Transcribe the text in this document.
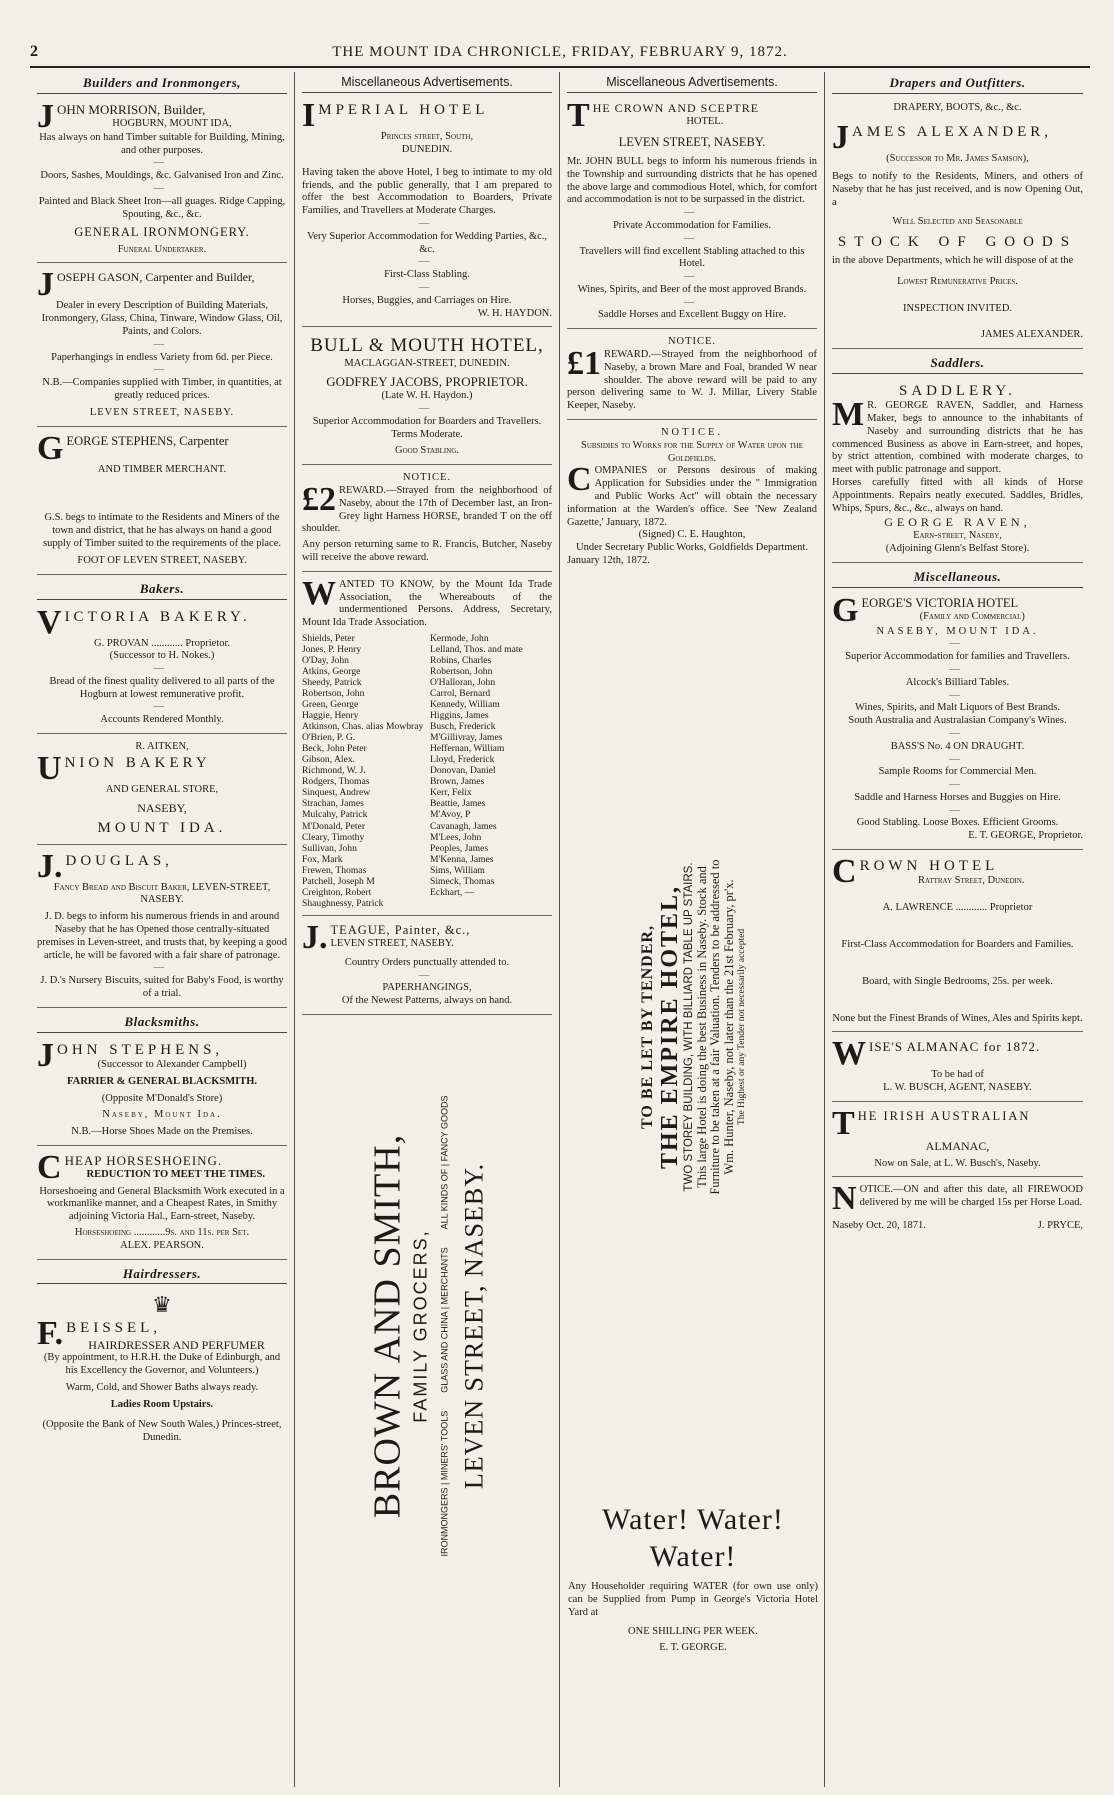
2	THE MOUNT IDA CHRONICLE, FRIDAY, FEBRUARY 9, 1872.
Builders and Ironmongers,
J OHN MORRISON, Builder,
HOGBURN, MOUNT IDA,
Has always on hand Timber suitable for Building, Mining, and other purposes.
—
Doors, Sashes, Mouldings, &c. Galvanised Iron and Zinc.
—
Painted and Black Sheet Iron—all guages. Ridge Capping, Spouting, &c., &c.
GENERAL IRONMONGERY.
Funeral Undertaker.
J OSEPH GASON, Carpenter and Builder,
Dealer in every Description of Building Materials, Ironmongery, Glass, China, Tinware, Window Glass, Oil, Paints, and Colors.
—
Paperhangings in endless Variety from 6d. per Piece.
—
N.B.—Companies supplied with Timber, in quantities, at greatly reduced prices.
LEVEN STREET, NASEBY.
G EORGE STEPHENS, Carpenter
AND TIMBER MERCHANT.
G.S. begs to intimate to the Residents and Miners of the town and district, that he has always on hand a good supply of Timber suited to the requirements of the place.
FOOT OF LEVEN STREET, NASEBY.
Bakers.
V ICTORIA BAKERY.
G. PROVAN ............ Proprietor.
(Successor to H. Nokes.)
—
Bread of the finest quality delivered to all parts of the Hogburn at lowest remunerative profit.
—
Accounts Rendered Monthly.
R. AITKEN,
U NION BAKERY
AND GENERAL STORE,
NASEBY,
MOUNT IDA.
J. DOUGLAS,
Fancy Bread and Biscuit Baker, LEVEN-STREET, NASEBY.
J. D. begs to inform his numerous friends in and around Naseby that he has Opened those centrally-situated premises in Leven-street, and trusts that, by keeping a good article, he will be favored with a fair share of patronage.
—
J. D.'s Nursery Biscuits, suited for Baby's Food, is worthy of a trial.
Blacksmiths.
J OHN STEPHENS,
(Successor to Alexander Campbell)
FARRIER & GENERAL BLACKSMITH.
(Opposite M'Donald's Store)
Naseby, Mount Ida.
N.B.—Horse Shoes Made on the Premises.
C HEAP HORSESHOEING.
REDUCTION TO MEET THE TIMES.
Horseshoeing and General Blacksmith Work executed in a workmanlike manner, and a Cheapest Rates, in Smithy adjoining Victoria Hal., Earn-street, Naseby.
Horseshoeing ............9s. and 11s. per Set.
ALEX. PEARSON.
Hairdressers.
♛
F. BEISSEL,
HAIRDRESSER AND PERFUMER
(By appointment, to H.R.H. the Duke of Edinburgh, and his Excellency the Governor, and Volunteers.)
Warm, Cold, and Shower Baths always ready.
Ladies Room Upstairs.
(Opposite the Bank of New South Wales,) Princes-street, Dunedin.
Miscellaneous Advertisements.
I MPERIAL HOTEL
Princes street, South,
DUNEDIN.
Having taken the above Hotel, I beg to intimate to my old friends, and the public generally, that I am prepared to offer the best Accommodation to Boarders, Private Families, and Travellers at Moderate Charges.
—
Very Superior Accommodation for Wedding Parties, &c., &c.
—
First-Class Stabling.
—
Horses, Buggies, and Carriages on Hire.
W. H. HAYDON.
BULL & MOUTH HOTEL,
MACLAGGAN-STREET, DUNEDIN.
GODFREY JACOBS, PROPRIETOR.
(Late W. H. Haydon.)
—
Superior Accommodation for Boarders and Travellers. Terms Moderate.
Good Stabling.
NOTICE.
£2 REWARD.—Strayed from the neighborhood of Naseby, about the 17th of December last, an Iron-Grey light Harness HORSE, branded T on the off shoulder.
Any person returning same to R. Francis, Butcher, Naseby will receive the above reward.
W ANTED TO KNOW, by the Mount Ida Trade Association, the Whereabouts of the undermentioned Persons. Address, Secretary, Mount Ida Trade Association.
Shields, Peter
Jones, P. Henry
O'Day, John
Atkins, George
Sheedy, Patrick
Robertson, John
Green, George
Haggie, Henry
Atkinson, Chas. alias Mowbray
O'Brien, P. G.
Beck, John Peter
Gibson, Alex.
Richmond, W. J.
Rodgers, Thomas
Sinquest, Andrew
Strachan, James
Mulcahy, Patrick
M'Donald, Peter
Cleary, Timothy
Sullivan, John
Fox, Mark
Frewen, Thomas
Patchell, Joseph M
Creighton, Robert
Shaughnessy, Patrick
Kermode, John
Lelland, Thos. and mate
Robins, Charles
Robertson, John
O'Halloran, John
Carrol, Bernard
Kennedy, William
Higgins, James
Busch, Frederick
M'Gillivray, James
Heffernan, William
Lloyd, Frederick
Donovan, Daniel
Brown, James
Kerr, Felix
Beattie, James
M'Avoy, P
Cavanagh, James
M'Lees, John
Peoples, James
M'Kenna, James
Sims, William
Simeck, Thomas
Eckhart, —
J. TEAGUE, Painter, &c.,
LEVEN STREET, NASEBY.
Country Orders punctually attended to.
—
PAPERHANGINGS,
Of the Newest Patterns, always on hand.
BROWN AND SMITH, FAMILY GROCERS,
IRONMONGERS | MINERS' TOOLS
GLASS AND CHINA | MERCHANTS
ALL KINDS OF | FANCY GOODS
LEVEN STREET, NASEBY.
Miscellaneous Advertisements.
T HE CROWN AND SCEPTRE
HOTEL.
LEVEN STREET, NASEBY.
Mr. JOHN BULL begs to inform his numerous friends in the Township and surrounding districts that he has opened the above large and commodious Hotel, which, for comfort and accommodation is not to be surpassed in the district.
—
Private Accommodation for Families.
—
Travellers will find excellent Stabling attached to this Hotel.
—
Wines, Spirits, and Beer of the most approved Brands.
—
Saddle Horses and Excellent Buggy on Hire.
NOTICE.
£1 REWARD.—Strayed from the neighborhood of Naseby, a brown Mare and Foal, branded W near shoulder. The above reward will be paid to any person delivering same to W. J. Millar, Livery Stable Keeper, Naseby.
NOTICE.
Subsidies to Works for the Supply of Water upon the Goldfields.
C OMPANIES or Persons desirous of making Application for Subsidies under the " Immigration and Public Works Act" will obtain the necessary information at the Warden's office. See 'New Zealand Gazette,' January, 1872.
(Signed) C. E. Haughton,
Under Secretary Public Works, Goldfields Department.
January 12th, 1872.
TO BE LET BY TENDER, THE EMPIRE HOTEL, TWO STOREY BUILDING, WITH BILLIARD TABLE UP STAIRS. This large Hotel is doing the best Business in Naseby. Stock and Furniture to be taken at a fair Valuation. Tenders to be addressed to Wm. Hunter, Naseby, not later than the 21st February, pr'x. The Highest or any Tender not necessarily accepted
Water! Water! Water!
Any Householder requiring WATER (for own use only) can be Supplied from Pump in George's Victoria Hotel Yard at
ONE SHILLING PER WEEK.
E. T. GEORGE.
Drapers and Outfitters.
DRAPERY, BOOTS, &c., &c.
J AMES ALEXANDER,
(Successor to Mr. James Samson),
Begs to notify to the Residents, Miners, and others of Naseby that he has just received, and is now Opening Out, a
Well Selected and Seasonable
STOCK OF GOODS
in the above Departments, which he will dispose of at the
Lowest Remunerative Prices.
INSPECTION INVITED.
JAMES ALEXANDER.
Saddlers.
SADDLERY.
M R. GEORGE RAVEN, Saddler, and Harness Maker, begs to announce to the inhabitants of Naseby and surrounding districts that he has commenced Business as above in Earn-street, and hopes, by strict attention, combined with moderate charges, to meet with public patronage and support.
Horses carefully fitted with all kinds of Horse Appointments. Repairs neatly executed. Saddles, Bridles, Whips, Spurs, &c., &c., always on hand.
GEORGE RAVEN,
Earn-street, Naseby,
(Adjoining Glenn's Belfast Store).
Miscellaneous.
G EORGE'S VICTORIA HOTEL
(Family and Commercial)
NASEBY, MOUNT IDA.
—
Superior Accommodation for families and Travellers.
—
Alcock's Billiard Tables.
—
Wines, Spirits, and Malt Liquors of Best Brands.
South Australia and Australasian Company's Wines.
—
BASS'S No. 4 ON DRAUGHT.
—
Sample Rooms for Commercial Men.
—
Saddle and Harness Horses and Buggies on Hire.
—
Good Stabling. Loose Boxes. Efficient Grooms.
E. T. GEORGE, Proprietor.
C ROWN HOTEL
Rattray Street, Dunedin.
A. LAWRENCE ............ Proprietor
First-Class Accommodation for Boarders and Families.
Board, with Single Bedrooms, 25s. per week.
None but the Finest Brands of Wines, Ales and Spirits kept.
W ISE'S ALMANAC for 1872.
To be had of
L. W. BUSCH, AGENT, NASEBY.
T HE IRISH AUSTRALIAN
ALMANAC,
Now on Sale, at L. W. Busch's, Naseby.
N OTICE.—ON and after this date, all FIREWOOD delivered by me will be charged 15s per Horse Load.
Naseby Oct. 20, 1871.	J. PRYCE,
